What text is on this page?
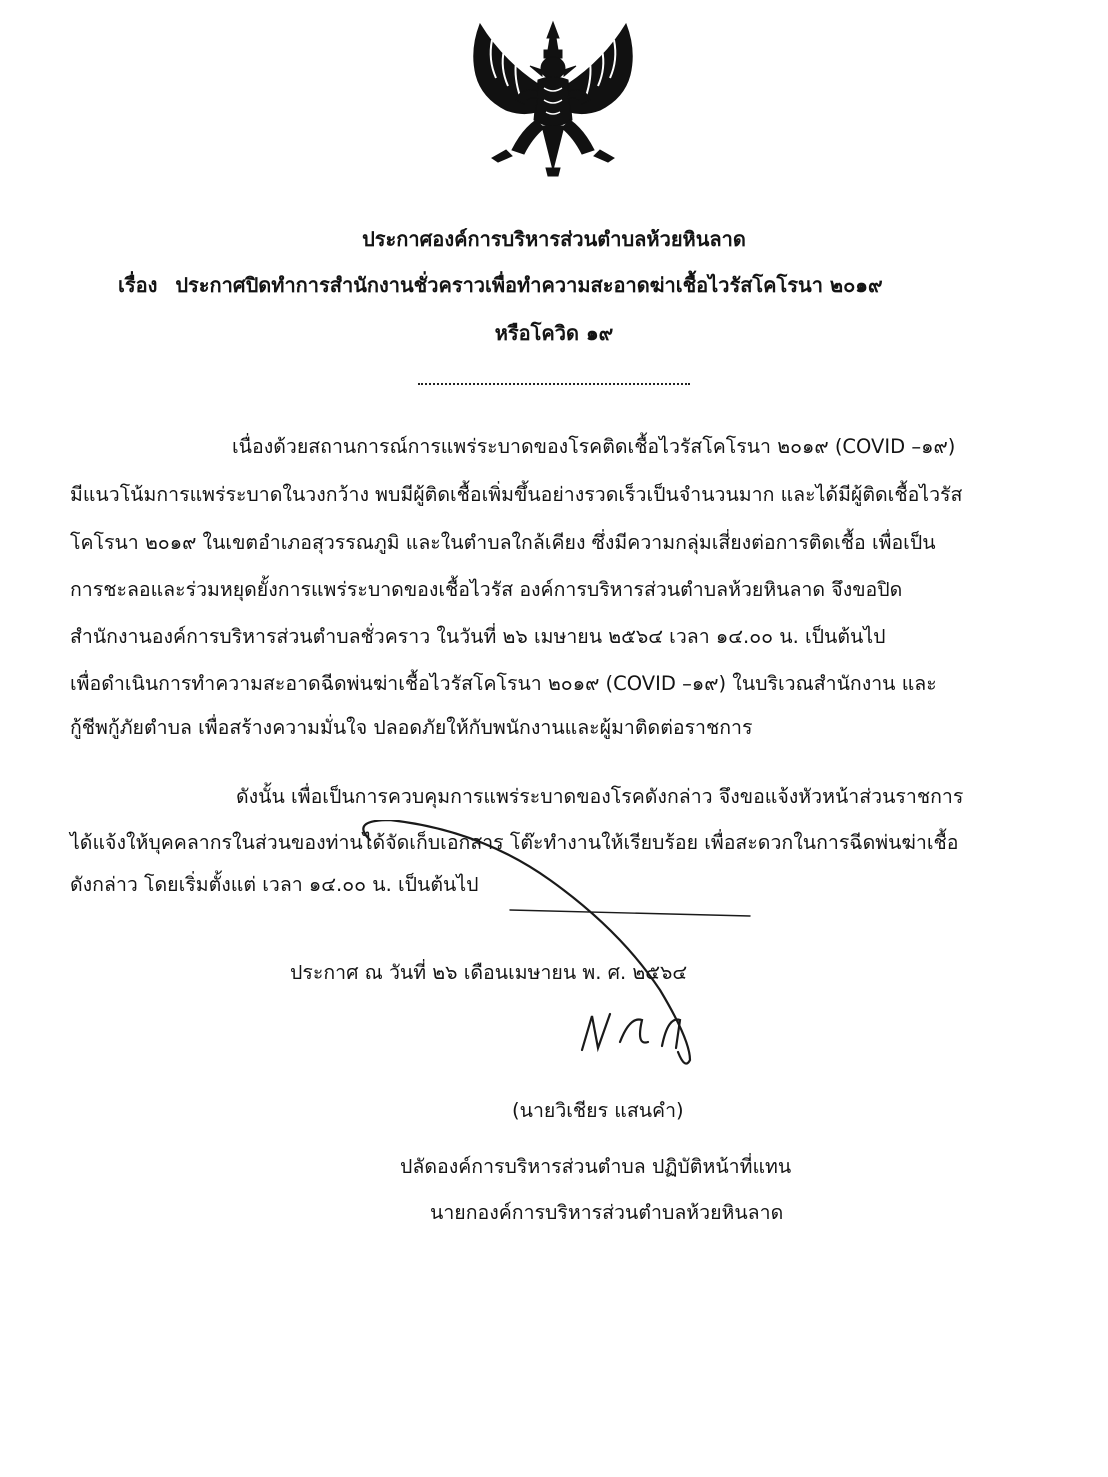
ประกาศองค์การบริหารส่วนตำบลห้วยหินลาด
เรื่อง ประกาศปิดทำการสำนักงานชั่วคราวเพื่อทำความสะอาดฆ่าเชื้อไวรัสโคโรนา ๒๐๑๙
หรือโควิด ๑๙
เนื่องด้วยสถานการณ์การแพร่ระบาดของโรคติดเชื้อไวรัสโคโรนา ๒๐๑๙ (COVID –๑๙)
มีแนวโน้มการแพร่ระบาดในวงกว้าง พบมีผู้ติดเชื้อเพิ่มขึ้นอย่างรวดเร็วเป็นจำนวนมาก และได้มีผู้ติดเชื้อไวรัส
โคโรนา ๒๐๑๙ ในเขตอำเภอสุวรรณภูมิ และในตำบลใกล้เคียง ซึ่งมีความกลุ่มเสี่ยงต่อการติดเชื้อ เพื่อเป็น
การชะลอและร่วมหยุดยั้งการแพร่ระบาดของเชื้อไวรัส องค์การบริหารส่วนตำบลห้วยหินลาด จึงขอปิด
สำนักงานองค์การบริหารส่วนตำบลชั่วคราว ในวันที่ ๒๖ เมษายน ๒๕๖๔ เวลา ๑๔.๐๐ น. เป็นต้นไป
เพื่อดำเนินการทำความสะอาดฉีดพ่นฆ่าเชื้อไวรัสโคโรนา ๒๐๑๙ (COVID –๑๙) ในบริเวณสำนักงาน และ
กู้ชีพกู้ภัยตำบล เพื่อสร้างความมั่นใจ ปลอดภัยให้กับพนักงานและผู้มาติดต่อราชการ
ดังนั้น เพื่อเป็นการควบคุมการแพร่ระบาดของโรคดังกล่าว จึงขอแจ้งหัวหน้าส่วนราชการ
ได้แจ้งให้บุคคลากรในส่วนของท่านได้จัดเก็บเอกสาร โต๊ะทำงานให้เรียบร้อย เพื่อสะดวกในการฉีดพ่นฆ่าเชื้อ
ดังกล่าว โดยเริ่มตั้งแต่ เวลา ๑๔.๐๐ น. เป็นต้นไป
ประกาศ ณ วันที่ ๒๖ เดือนเมษายน พ. ศ. ๒๕๖๔
(นายวิเชียร แสนคำ)
ปลัดองค์การบริหารส่วนตำบล ปฏิบัติหน้าที่แทน
นายกองค์การบริหารส่วนตำบลห้วยหินลาด
